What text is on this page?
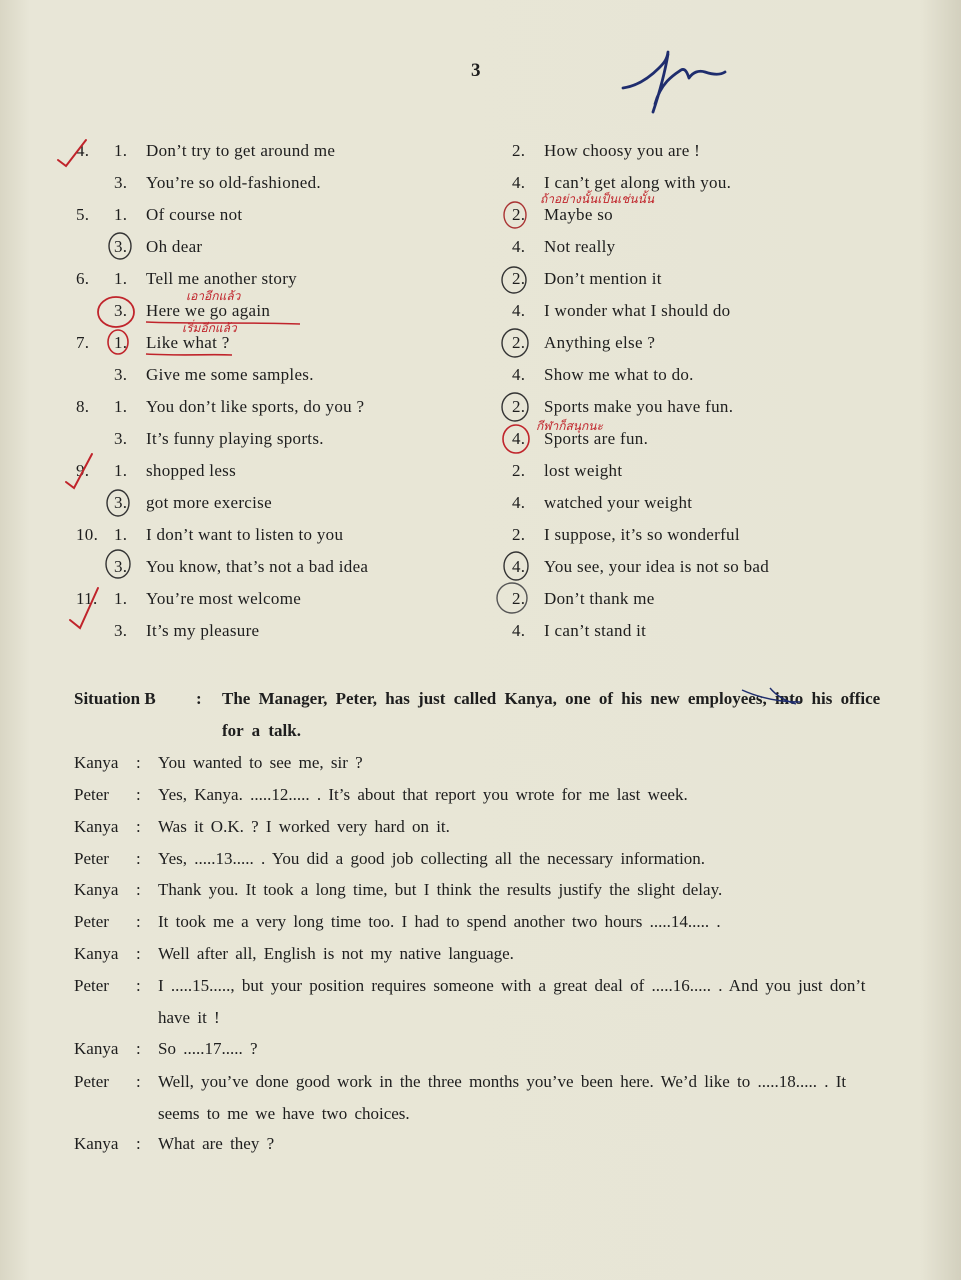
3
4.	1. Don’t try to get around me	2. How choosy you are !
3. You’re so old-fashioned.	4. I can’t get along with you.
5.	1. Of course not	2. Maybe so
3. Oh dear	4. Not really
6.	1. Tell me another story	2. Don’t mention it
3. Here we go again	4. I wonder what I should do
7.	1. Like what ?	2. Anything else ?
3. Give me some samples.	4. Show me what to do.
8.	1. You don’t like sports, do you ?	2. Sports make you have fun.
3. It’s funny playing sports.	4. Sports are fun.
9.	1. shopped less	2. lost weight
3. got more exercise	4. watched your weight
10. 1. I don’t want to listen to you	2. I suppose, it’s so wonderful
3. You know, that’s not a bad idea	4. You see, your idea is not so bad
11. 1. You’re most welcome	2. Don’t thank me
3. It’s my pleasure	4. I can’t stand it
ถ้าอย่างนั้นเป็นเช่นนั้น
เอาอีกแล้ว
เริ่มอีกแล้ว
กีฬาก็สนุกนะ
Situation B : The Manager, Peter, has just called Kanya, one of his new employees, into his office for a talk.
Kanya : You wanted to see me, sir ?
Peter : Yes, Kanya. .....12..... . It’s about that report you wrote for me last week.
Kanya : Was it O.K. ? I worked very hard on it.
Peter : Yes, .....13..... . You did a good job collecting all the necessary information.
Kanya : Thank you. It took a long time, but I think the results justify the slight delay.
Peter : It took me a very long time too. I had to spend another two hours .....14..... .
Kanya : Well after all, English is not my native language.
Peter : I .....15....., but your position requires someone with a great deal of .....16..... . And you just don’t have it !
Kanya : So .....17..... ?
Peter : Well, you’ve done good work in the three months you’ve been here. We’d like to .....18..... . It seems to me we have two choices.
Kanya : What are they ?
